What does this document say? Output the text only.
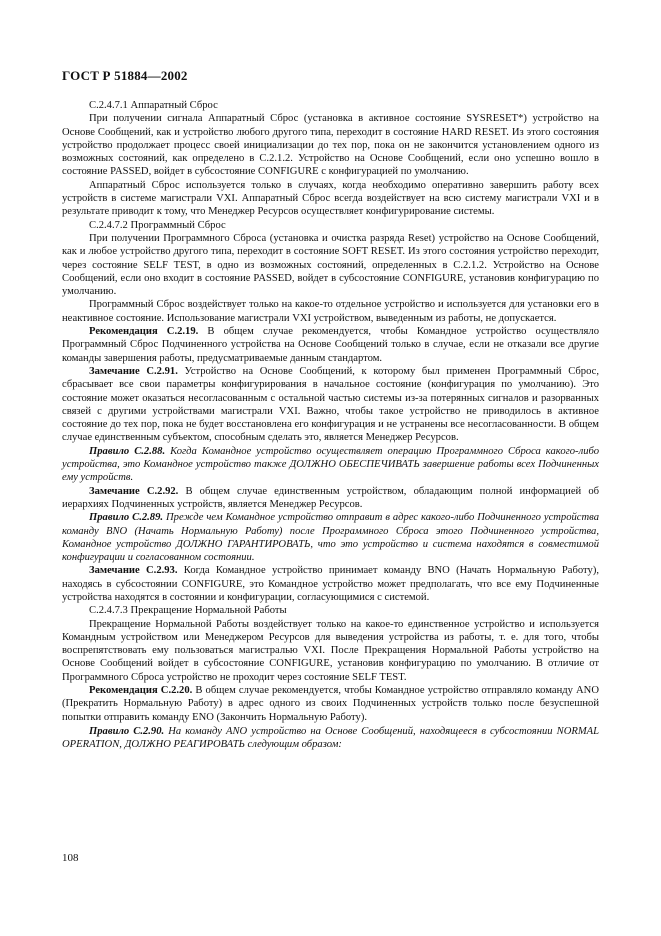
ГОСТ Р 51884—2002

C.2.4.7.1 Аппаратный Сброс

При получении сигнала Аппаратный Сброс (установка в активное состояние SYSRESET*) устройство на Основе Сообщений, как и устройство любого другого типа, переходит в состояние HARD RESET. Из этого состояния устройство продолжает процесс своей инициализации до тех пор, пока он не закончится установлением одного из возможных состояний, как определено в С.2.1.2. Устройство на Основе Сообщений, если оно успешно вошло в состояние PASSED, войдет в субсостояние CONFIGURE с конфигурацией по умолчанию.

Аппаратный Сброс используется только в случаях, когда необходимо оперативно завершить работу всех устройств в системе магистрали VXI. Аппаратный Сброс всегда воздействует на всю систему магистрали VXI и в результате приводит к тому, что Менеджер Ресурсов осуществляет конфигурирование системы.

C.2.4.7.2 Программный Сброс

При получении Программного Сброса (установка и очистка разряда Reset) устройство на Основе Сообщений, как и любое устройство другого типа, переходит в состояние SOFT RESET. Из этого состояния устройство переходит, через состояние SELF TEST, в одно из возможных состояний, определенных в С.2.1.2. Устройство на Основе Сообщений, если оно входит в состояние PASSED, войдет в субсостояние CONFIGURE, установив конфигурацию по умолчанию.

Программный Сброс воздействует только на какое-то отдельное устройство и используется для установки его в неактивное состояние. Использование магистрали VXI устройством, выведенным из работы, не допускается.

Рекомендация С.2.19. В общем случае рекомендуется, чтобы Командное устройство осуществляло Программный Сброс Подчиненного устройства на Основе Сообщений только в случае, если не отказали все другие команды завершения работы, предусматриваемые данным стандартом.

Замечание С.2.91. Устройство на Основе Сообщений, к которому был применен Программный Сброс, сбрасывает все свои параметры конфигурирования в начальное состояние (конфигурация по умолчанию). Это состояние может оказаться несогласованным с остальной частью системы из-за потерянных сигналов и разорванных связей с другими устройствами магистрали VXI. Важно, чтобы такое устройство не приводилось в активное состояние до тех пор, пока не будет восстановлена его конфигурация и не устранены все несогласованности. В общем случае единственным субъектом, способным сделать это, является Менеджер Ресурсов.

Правило С.2.88. Когда Командное устройство осуществляет операцию Программного Сброса какого-либо устройства, это Командное устройство также ДОЛЖНО ОБЕСПЕЧИВАТЬ завершение работы всех Подчиненных ему устройств.

Замечание С.2.92. В общем случае единственным устройством, обладающим полной информацией об иерархиях Подчиненных устройств, является Менеджер Ресурсов.

Правило С.2.89. Прежде чем Командное устройство отправит в адрес какого-либо Подчиненного устройства команду BNO (Начать Нормальную Работу) после Программного Сброса этого Подчиненного устройства, Командное устройство ДОЛЖНО ГАРАНТИРОВАТЬ, что это устройство и система находятся в совместимой конфигурации и согласованном состоянии.

Замечание С.2.93. Когда Командное устройство принимает команду BNO (Начать Нормальную Работу), находясь в субсостоянии CONFIGURE, это Командное устройство может предполагать, что все ему Подчиненные устройства находятся в состоянии и конфигурации, согласующимися с системой.

C.2.4.7.3 Прекращение Нормальной Работы

Прекращение Нормальной Работы воздействует только на какое-то единственное устройство и используется Командным устройством или Менеджером Ресурсов для выведения устройства из работы, т. е. для того, чтобы воспрепятствовать ему пользоваться магистралью VXI. После Прекращения Нормальной Работы устройство на Основе Сообщений войдет в субсостояние CONFIGURE, установив конфигурацию по умолчанию. В отличие от Программного Сброса устройство не проходит через состояние SELF TEST.

Рекомендация С.2.20. В общем случае рекомендуется, чтобы Командное устройство отправляло команду ANO (Прекратить Нормальную Работу) в адрес одного из своих Подчиненных устройств только после безуспешной попытки отправить команду ENO (Закончить Нормальную Работу).

Правило С.2.90. На команду ANO устройство на Основе Сообщений, находящееся в субсостоянии NORMAL OPERATION, ДОЛЖНО РЕАГИРОВАТЬ следующим образом:

108
